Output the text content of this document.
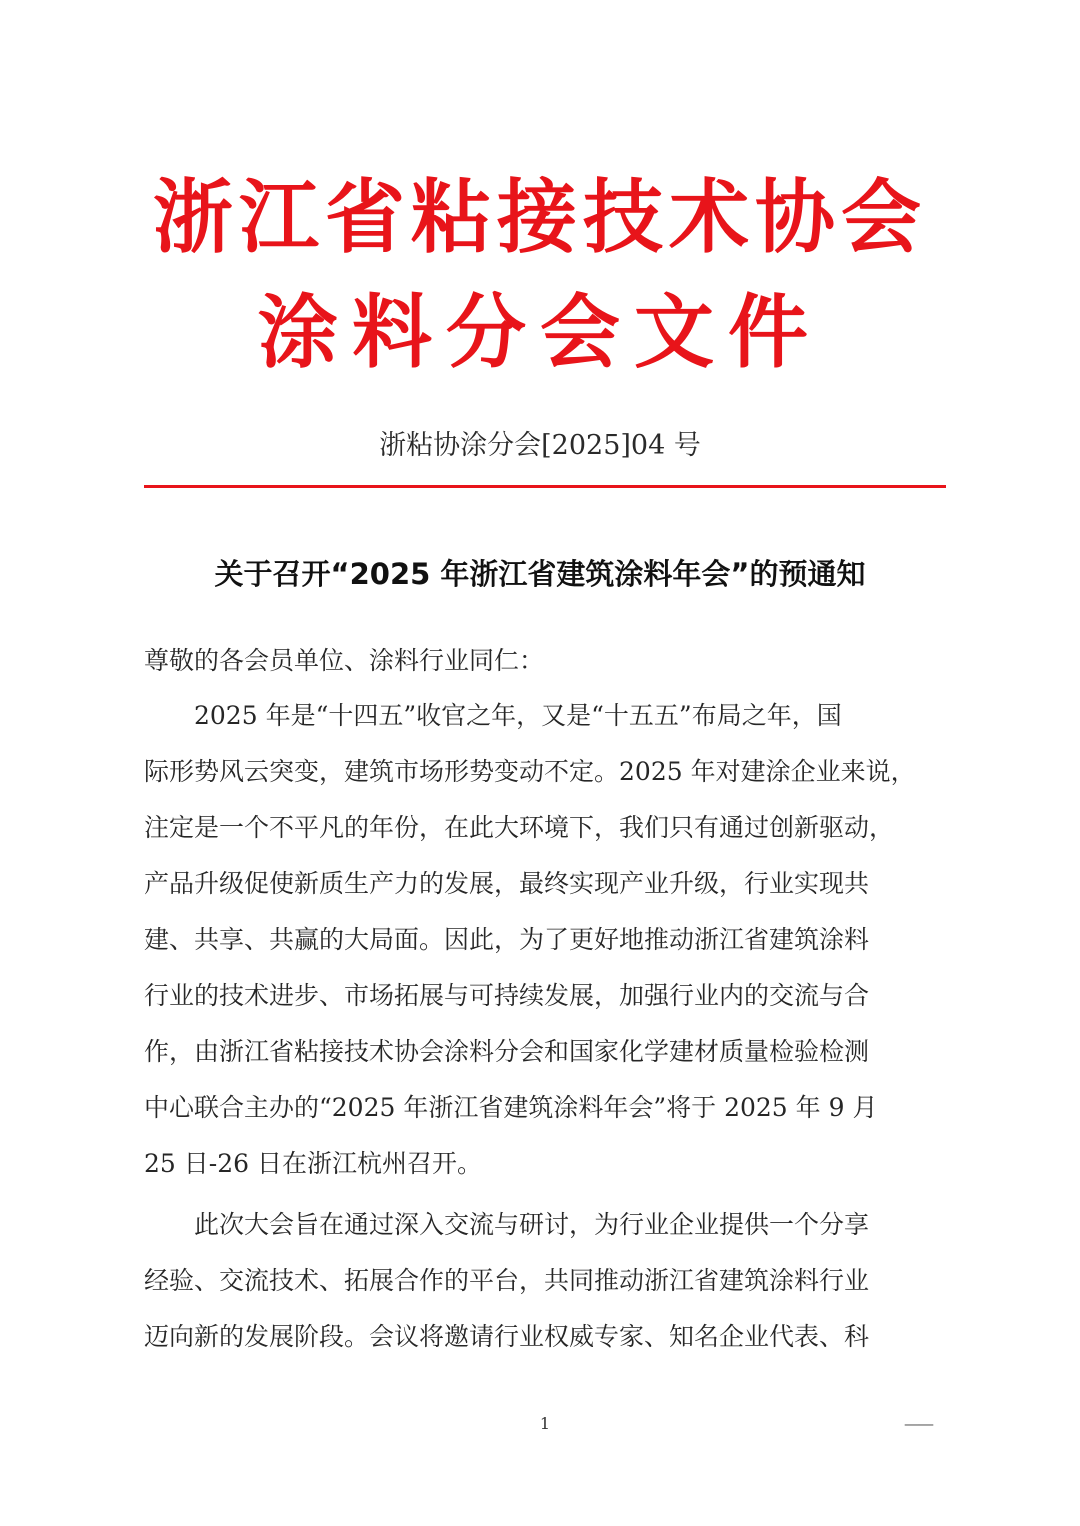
浙江省粘接技术协会
涂料分会文件
浙粘协涂分会[2025]04 号
关于召开“2025 年浙江省建筑涂料年会”的预通知
尊敬的各会员单位、涂料行业同仁：
　　2025 年是“十四五”收官之年，又是“十五五”布局之年，国
际形势风云突变，建筑市场形势变动不定。2025 年对建涂企业来说，
注定是一个不平凡的年份，在此大环境下，我们只有通过创新驱动，
产品升级促使新质生产力的发展，最终实现产业升级，行业实现共
建、共享、共赢的大局面。因此，为了更好地推动浙江省建筑涂料
行业的技术进步、市场拓展与可持续发展，加强行业内的交流与合
作，由浙江省粘接技术协会涂料分会和国家化学建材质量检验检测
中心联合主办的“2025 年浙江省建筑涂料年会”将于 2025 年 9 月
25 日-26 日在浙江杭州召开。
　　此次大会旨在通过深入交流与研讨，为行业企业提供一个分享
经验、交流技术、拓展合作的平台，共同推动浙江省建筑涂料行业
迈向新的发展阶段。会议将邀请行业权威专家、知名企业代表、科
1	——
